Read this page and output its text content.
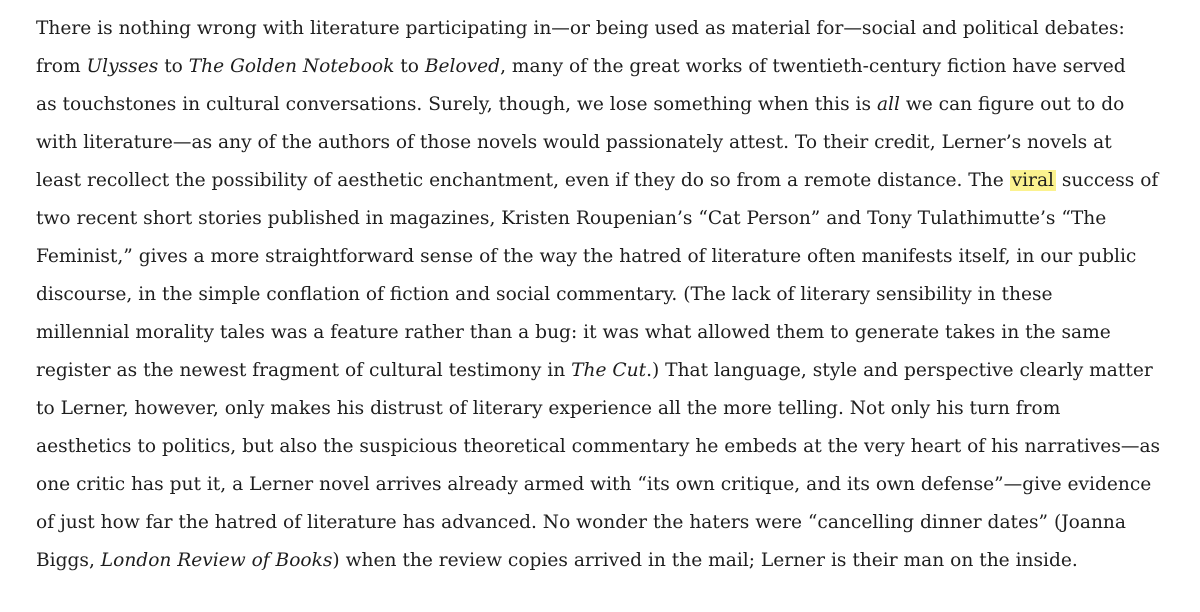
There is nothing wrong with literature participating in—or being used as material for—social and political debates:
from Ulysses to The Golden Notebook to Beloved, many of the great works of twentieth-century fiction have served
as touchstones in cultural conversations. Surely, though, we lose something when this is all we can figure out to do
with literature—as any of the authors of those novels would passionately attest. To their credit, Lerner’s novels at
least recollect the possibility of aesthetic enchantment, even if they do so from a remote distance. The viral success of
two recent short stories published in magazines, Kristen Roupenian’s “Cat Person” and Tony Tulathimutte’s “The
Feminist,” gives a more straightforward sense of the way the hatred of literature often manifests itself, in our public
discourse, in the simple conflation of fiction and social commentary. (The lack of literary sensibility in these
millennial morality tales was a feature rather than a bug: it was what allowed them to generate takes in the same
register as the newest fragment of cultural testimony in The Cut.) That language, style and perspective clearly matter
to Lerner, however, only makes his distrust of literary experience all the more telling. Not only his turn from
aesthetics to politics, but also the suspicious theoretical commentary he embeds at the very heart of his narratives—as
one critic has put it, a Lerner novel arrives already armed with “its own critique, and its own defense”—give evidence
of just how far the hatred of literature has advanced. No wonder the haters were “cancelling dinner dates” (Joanna
Biggs, London Review of Books) when the review copies arrived in the mail; Lerner is their man on the inside.
